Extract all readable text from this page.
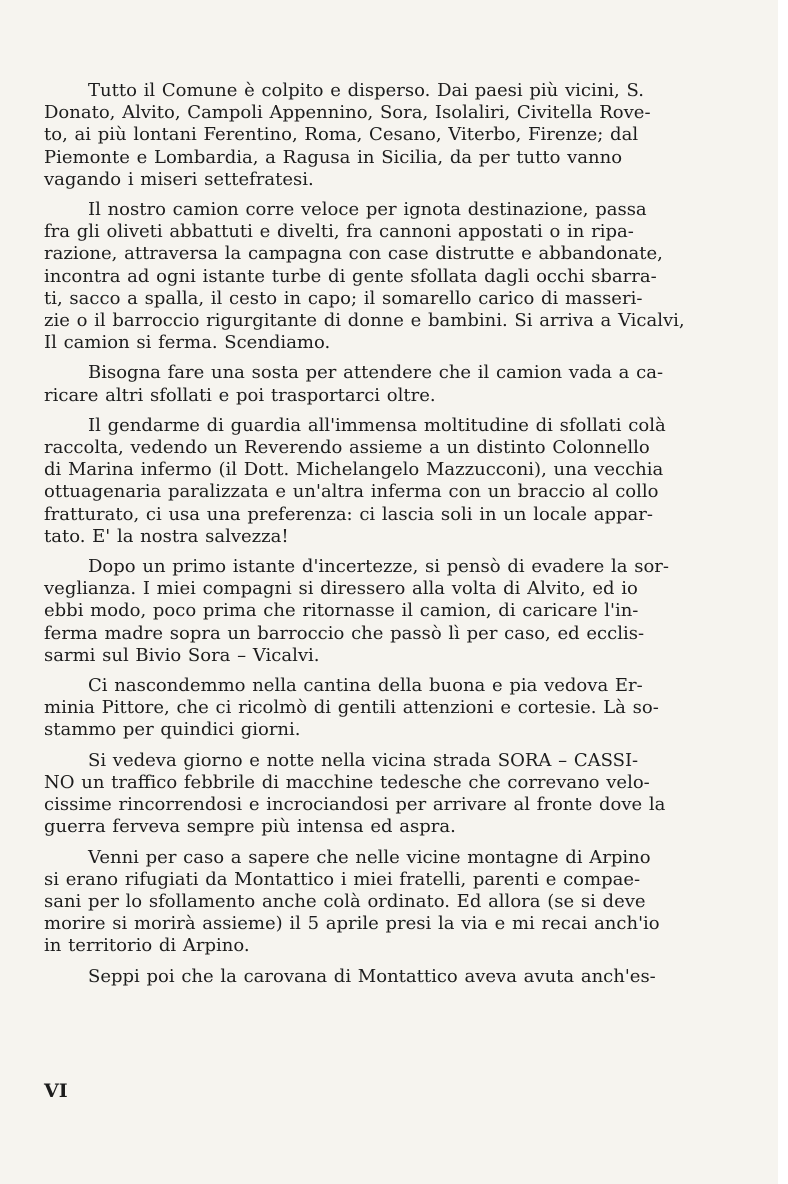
Tutto il Comune è colpito e disperso. Dai paesi più vicini, S.
Donato, Alvito, Campoli Appennino, Sora, Isolaliri, Civitella Rove-
to, ai più lontani Ferentino, Roma, Cesano, Viterbo, Firenze; dal
Piemonte e Lombardia, a Ragusa in Sicilia, da per tutto vanno
vagando i miseri settefratesi.
Il nostro camion corre veloce per ignota destinazione, passa
fra gli oliveti abbattuti e divelti, fra cannoni appostati o in ripa-
razione, attraversa la campagna con case distrutte e abbandonate,
incontra ad ogni istante turbe di gente sfollata dagli occhi sbarra-
ti, sacco a spalla, il cesto in capo; il somarello carico di masseri-
zie o il barroccio rigurgitante di donne e bambini. Si arriva a Vicalvi,
Il camion si ferma. Scendiamo.
Bisogna fare una sosta per attendere che il camion vada a ca-
ricare altri sfollati e poi trasportarci oltre.
Il gendarme di guardia all'immensa moltitudine di sfollati colà
raccolta, vedendo un Reverendo assieme a un distinto Colonnello
di Marina infermo (il Dott. Michelangelo Mazzucconi), una vecchia
ottuagenaria paralizzata e un'altra inferma con un braccio al collo
fratturato, ci usa una preferenza: ci lascia soli in un locale appar-
tato. E' la nostra salvezza!
Dopo un primo istante d'incertezze, si pensò di evadere la sor-
veglianza. I miei compagni si diressero alla volta di Alvito, ed io
ebbi modo, poco prima che ritornasse il camion, di caricare l'in-
ferma madre sopra un barroccio che passò lì per caso, ed ecclis-
sarmi sul Bivio Sora – Vicalvi.
Ci nascondemmo nella cantina della buona e pia vedova Er-
minia Pittore, che ci ricolmò di gentili attenzioni e cortesie. Là so-
stammo per quindici giorni.
Si vedeva giorno e notte nella vicina strada SORA – CASSI-
NO un traffico febbrile di macchine tedesche che correvano velo-
cissime rincorrendosi e incrociandosi per arrivare al fronte dove la
guerra ferveva sempre più intensa ed aspra.
Venni per caso a sapere che nelle vicine montagne di Arpino
si erano rifugiati da Montattico i miei fratelli, parenti e compae-
sani per lo sfollamento anche colà ordinato. Ed allora (se si deve
morire si morirà assieme) il 5 aprile presi la via e mi recai anch'io
in territorio di Arpino.
Seppi poi che la carovana di Montattico aveva avuta anch'es-
VI
